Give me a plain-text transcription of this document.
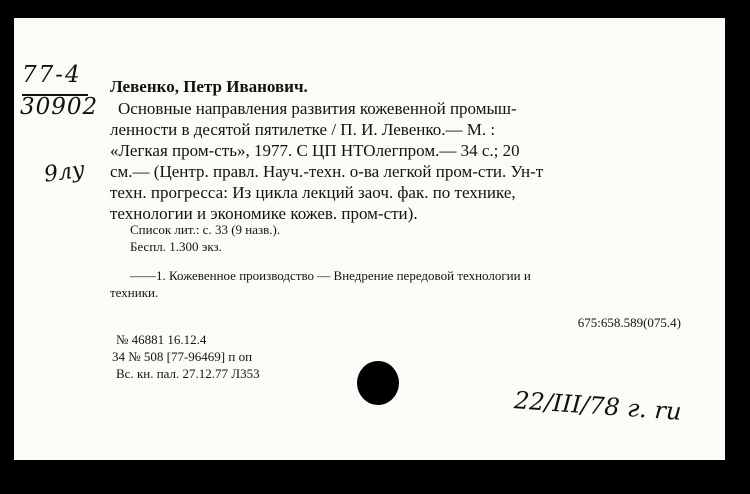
77-4
30902
9лу
Левенко, Петр Иванович.
Основные направления развития кожевенной промыш-
ленности в десятой пятилетке / П. И. Левенко.— М. :
«Легкая пром-сть», 1977. С ЦП НТОлегпром.— 34 с.; 20
см.— (Центр. правл. Науч.-техн. о-ва легкой пром-сти. Ун-т
техн. прогресса: Из цикла лекций заоч. фак. по технике,
технологии и экономике кожев. пром-сти).
Список лит.: с. 33 (9 назв.).
Беспл. 1.300 экз.
——1. Кожевенное производство — Внедрение передовой технологии и
техники.
675:658.589(075.4)
№ 46881 16.12.4
34 № 508 [77-96469] п оп
Вс. кн. пал. 27.12.77 Л353
22/III/78 г. ru
